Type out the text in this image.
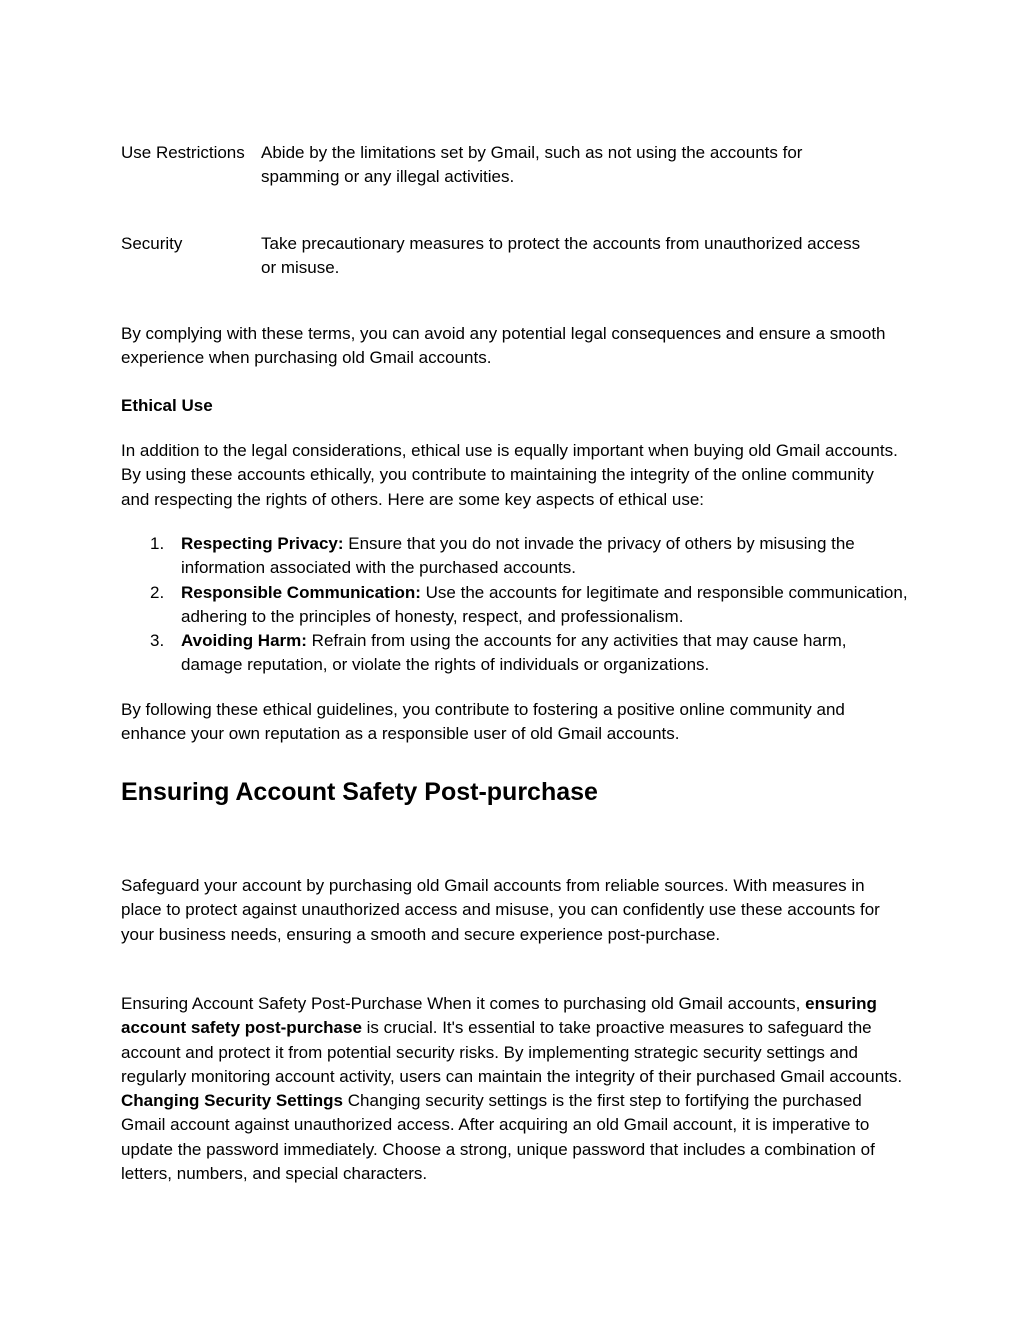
Use Restrictions Abide by the limitations set by Gmail, such as not using the accounts for spamming or any illegal activities.
Security	Take precautionary measures to protect the accounts from unauthorized access or misuse.

By complying with these terms, you can avoid any potential legal consequences and ensure a smooth experience when purchasing old Gmail accounts.

Ethical Use

In addition to the legal considerations, ethical use is equally important when buying old Gmail accounts. By using these accounts ethically, you contribute to maintaining the integrity of the online community and respecting the rights of others. Here are some key aspects of ethical use:

1. Respecting Privacy: Ensure that you do not invade the privacy of others by misusing the information associated with the purchased accounts.
2. Responsible Communication: Use the accounts for legitimate and responsible communication, adhering to the principles of honesty, respect, and professionalism.
3. Avoiding Harm: Refrain from using the accounts for any activities that may cause harm, damage reputation, or violate the rights of individuals or organizations.

By following these ethical guidelines, you contribute to fostering a positive online community and enhance your own reputation as a responsible user of old Gmail accounts.

Ensuring Account Safety Post-purchase

Safeguard your account by purchasing old Gmail accounts from reliable sources. With measures in place to protect against unauthorized access and misuse, you can confidently use these accounts for your business needs, ensuring a smooth and secure experience post-purchase.

Ensuring Account Safety Post-Purchase When it comes to purchasing old Gmail accounts, ensuring account safety post-purchase is crucial. It's essential to take proactive measures to safeguard the account and protect it from potential security risks. By implementing strategic security settings and regularly monitoring account activity, users can maintain the integrity of their purchased Gmail accounts. Changing Security Settings Changing security settings is the first step to fortifying the purchased Gmail account against unauthorized access. After acquiring an old Gmail account, it is imperative to update the password immediately. Choose a strong, unique password that includes a combination of letters, numbers, and special characters.
